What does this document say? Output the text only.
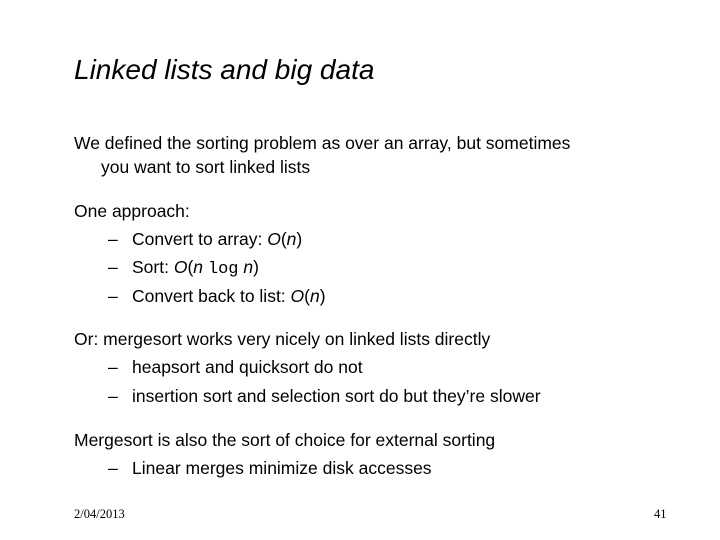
Linked lists and big data
We defined the sorting problem as over an array, but sometimes
you want to sort linked lists
One approach:
– Convert to array: O(n)
– Sort: O(n log n)
– Convert back to list: O(n)
Or: mergesort works very nicely on linked lists directly
– heapsort and quicksort do not
– insertion sort and selection sort do but they’re slower
Mergesort is also the sort of choice for external sorting
– Linear merges minimize disk accesses
2/04/2013	41
